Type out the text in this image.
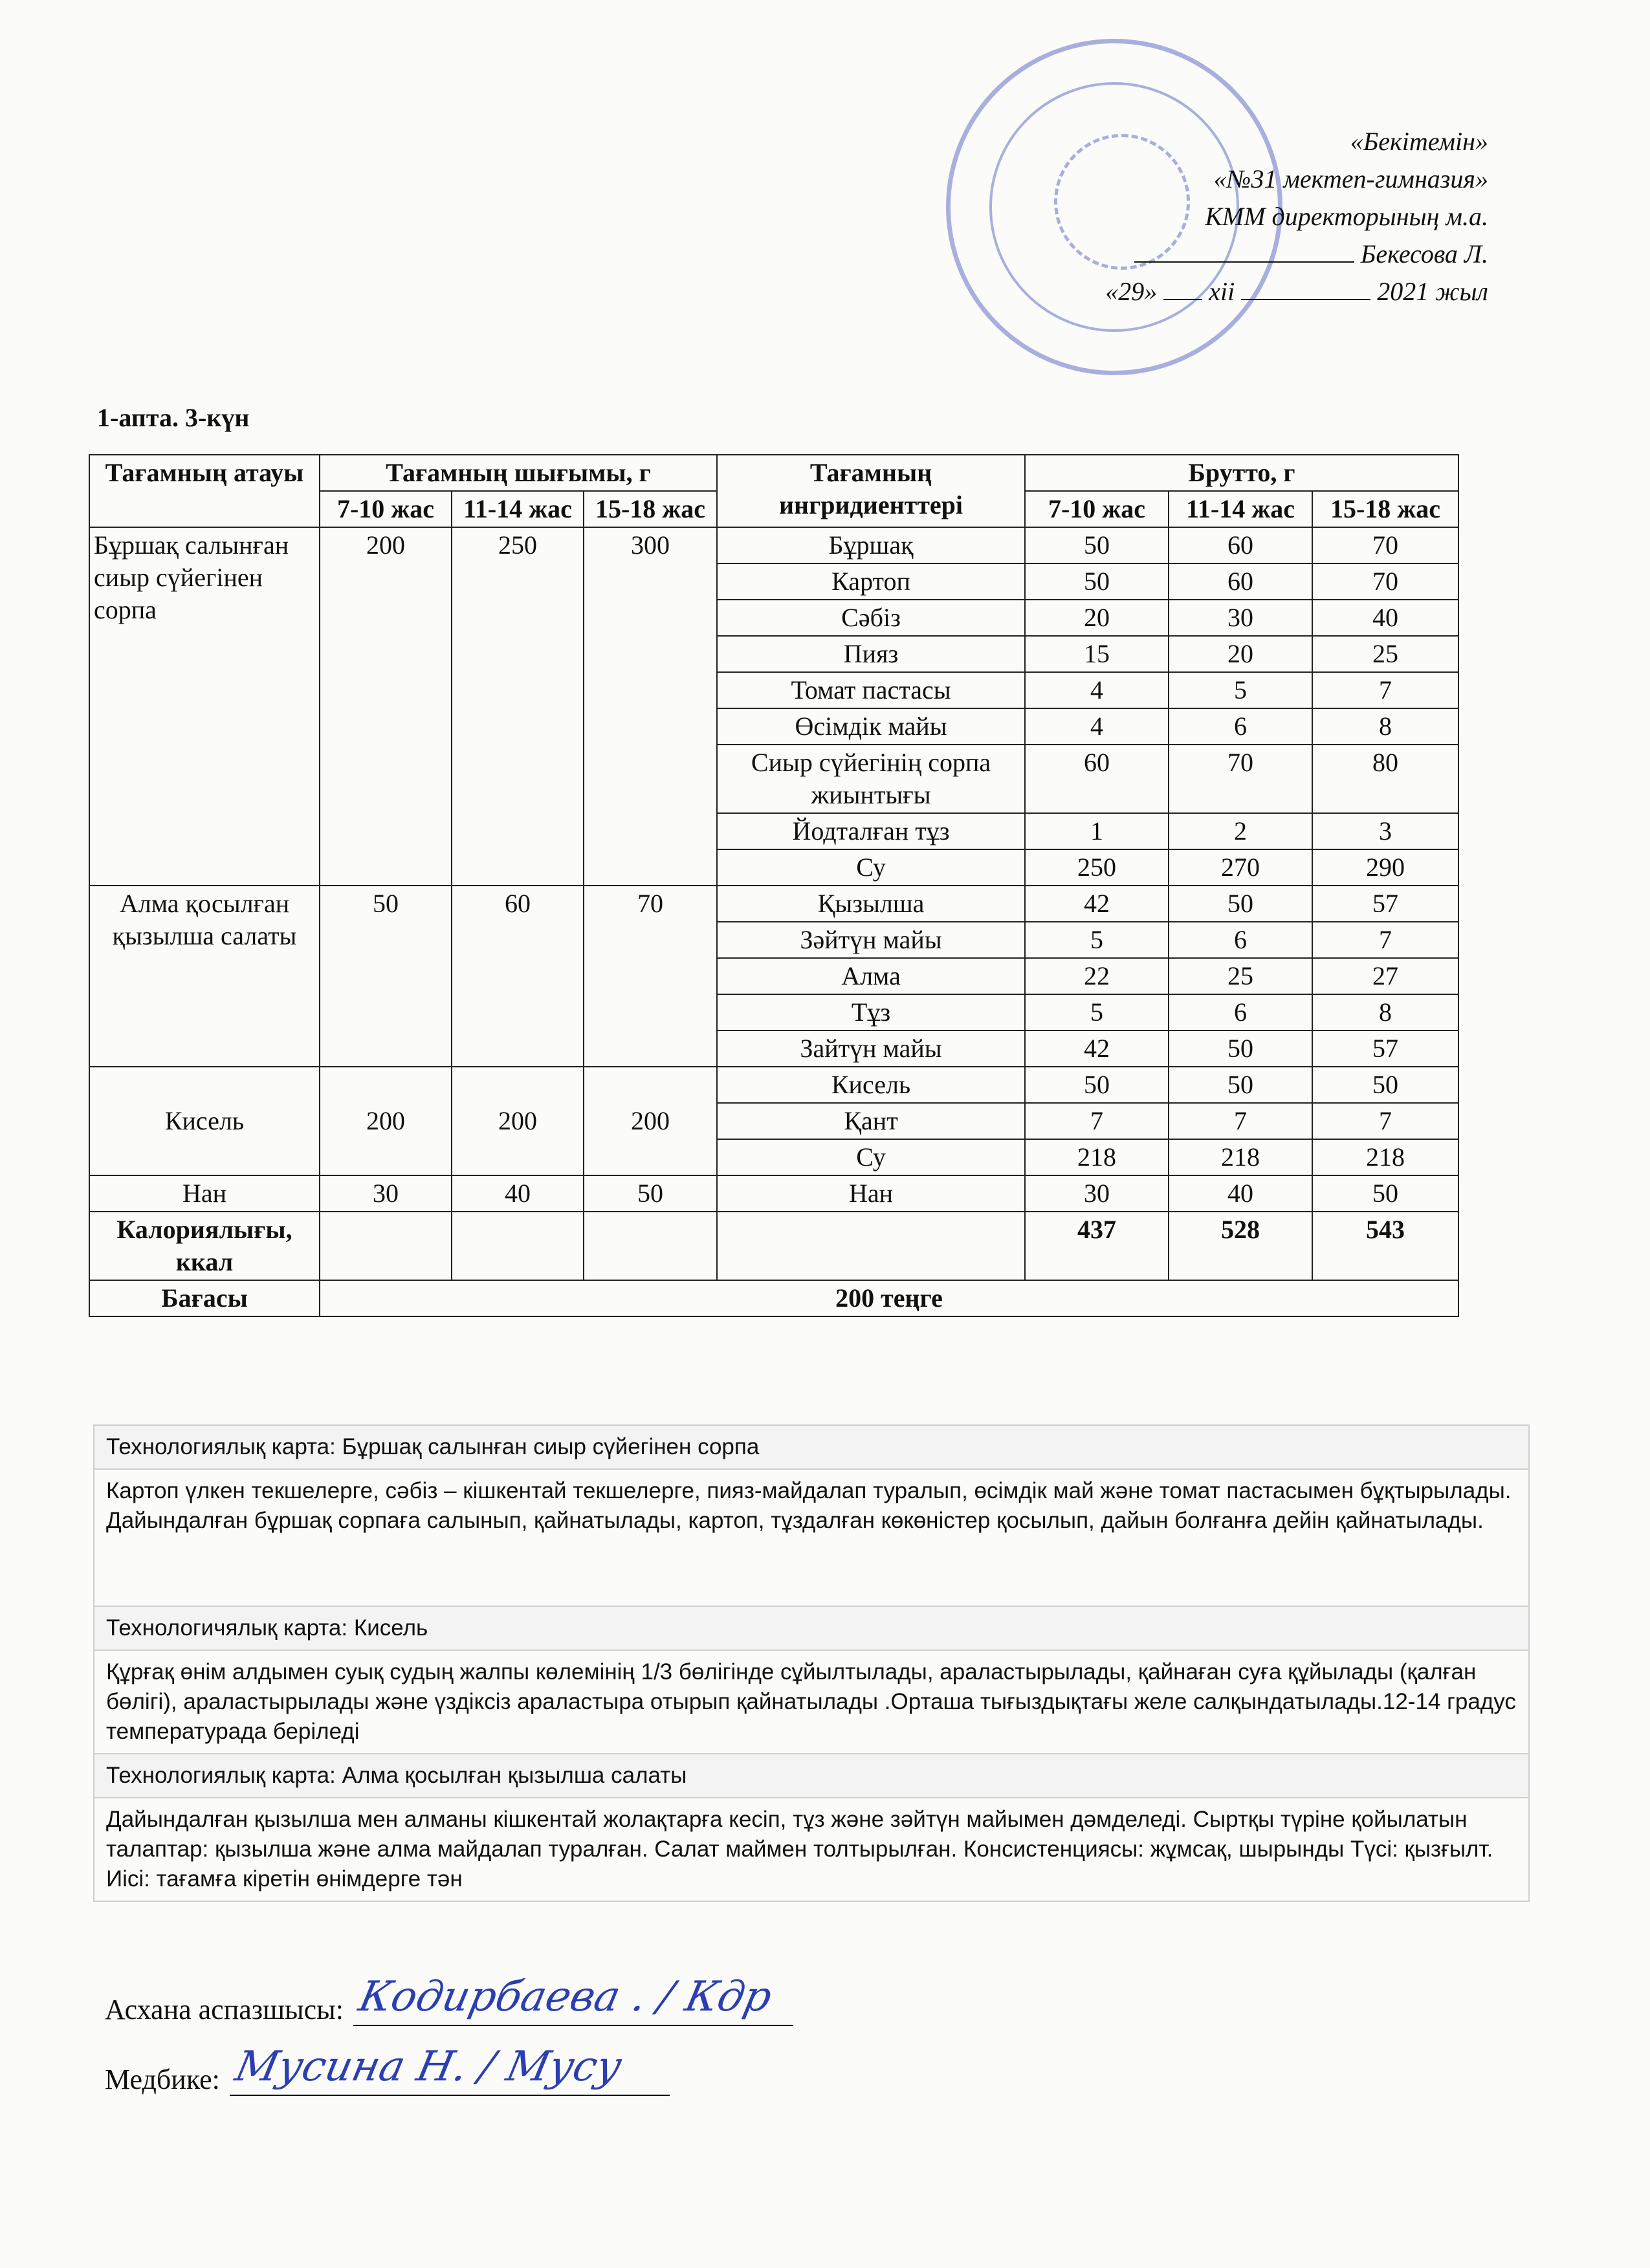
«Бекітемін»
«№31 мектеп-гимназия»
КММ директорының м.а.
Бекесова Л.
«29» xii	2021 жыл
1-апта. 3-күн
Тағамның атауы	Тағамның шығымы, г			Тағамның ингридиенттері	Брутто, г		
	7-10 жас	11-14 жас	15-18 жас		7-10 жас	11-14 жас	15-18 жас
Бұршақ салынған сиыр сүйегінен сорпа	200	250	300	Бұршақ	50	60	70
				Картоп	50	60	70
				Сәбіз	20	30	40
				Пияз	15	20	25
				Томат пастасы	4	5	7
				Өсімдік майы	4	6	8
				Сиыр сүйегінің сорпа жиынтығы	60	70	80
				Йодталған тұз	1	2	3
				Су	250	270	290
Алма қосылған қызылша салаты	50	60	70	Қызылша	42	50	57
				Зәйтүн майы	5	6	7
				Алма	22	25	27
				Тұз	5	6	8
				Зайтүн майы	42	50	57
Кисель	200	200	200	Кисель	50	50	50
				Қант	7	7	7
				Су	218	218	218
Нан	30	40	50	Нан	30	40	50
Калориялығы, ккал					437	528	543
Бағасы	200 теңге						
Технологиялық карта: Бұршақ салынған сиыр сүйегінен сорпа
Картоп үлкен текшелерге, сәбіз – кішкентай текшелерге, пияз-майдалап туралып, өсімдік май және томат пастасымен бұқтырылады. Дайындалған бұршақ сорпаға салынып, қайнатылады, картоп, тұздалған көкөністер қосылып, дайын болғанға дейін қайнатылады.
Технологичялық карта: Кисель
Құрғақ өнім алдымен суық судың жалпы көлемінің 1/3 бөлігінде сұйылтылады, араластырылады, қайнаған суға құйылады (қалған бөлігі), араластырылады және үздіксіз араластыра отырып қайнатылады .Орташа тығыздықтағы желе салқындатылады.12-14 градус температурада беріледі
Технологиялық карта: Алма қосылған қызылша салаты
Дайындалған қызылша мен алманы кішкентай жолақтарға кесіп, тұз және зәйтүн майымен дәмделеді. Сыртқы түріне қойылатын талаптар: қызылша және алма майдалап туралған. Салат маймен толтырылған. Консистенциясы: жұмсақ, шырынды Түсі: қызғылт. Иісі: тағамға кіретін өнімдерге тән
Асхана аспазшысы: Кодирбаева . / Кдр
Медбике: Мусина Н. / Мусу
